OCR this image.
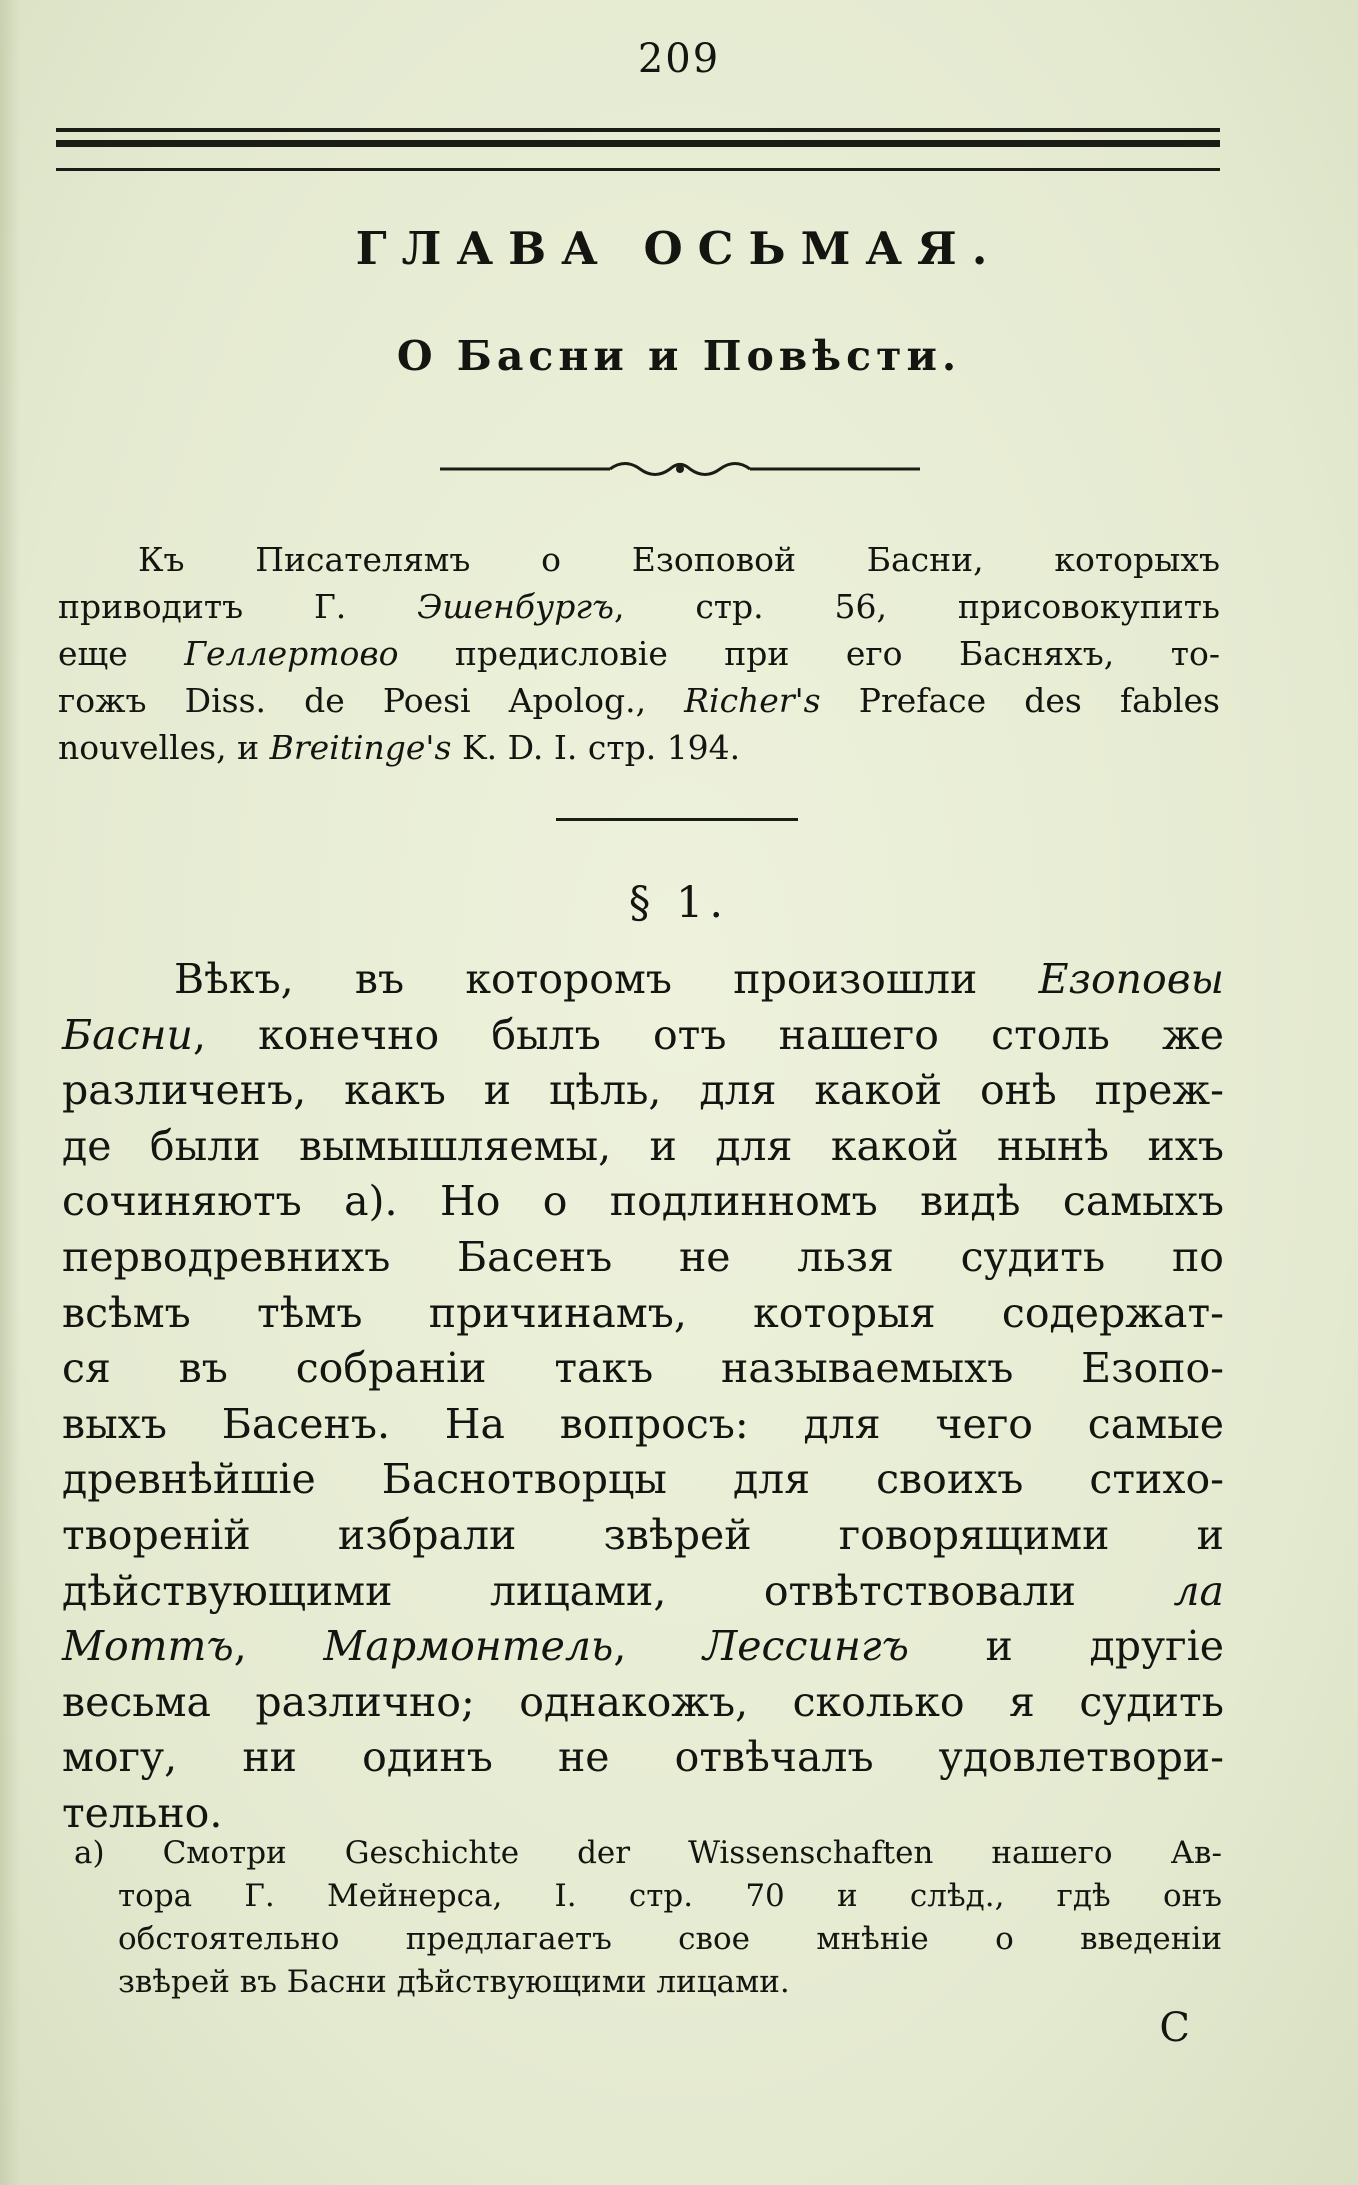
209
ГЛАВА ОСЬМАЯ.
О Басни и Повѣсти.
Къ Писателямъ о Езоповой Басни, которыхъ
приводитъ Г. Эшенбургъ, стр. 56, присовокупить
еще Геллертово предисловіе при его Басняхъ, то-
гожъ Diss. de Poesi Apolog., Richer's Preface des fables
nouvelles, и Breitinge's K. D. I. стр. 194.
§ 1.
Вѣкъ, въ которомъ произошли Езоповы
Басни, конечно былъ отъ нашего столь же
различенъ, какъ и цѣль, для какой онѣ преж-
де были вымышляемы, и для какой нынѣ ихъ
сочиняютъ a). Но о подлинномъ видѣ самыхъ
перводревнихъ Басенъ не льзя судить по
всѣмъ тѣмъ причинамъ, которыя содержат-
ся въ собраніи такъ называемыхъ Езопо-
выхъ Басенъ. На вопросъ: для чего самые
древнѣйшіе Баснотворцы для своихъ стихо-
твореній избрали звѣрей говорящими и
дѣйствующими лицами, отвѣтствовали ла
Моттъ, Мармонтель, Лессингъ и другіе
весьма различно; однакожъ, сколько я судить
могу, ни одинъ не отвѣчалъ удовлетвори-
тельно.
a) Смотри Geschichte der Wissenschaften нашего Ав-
тора Г. Мейнерса, I. стр. 70 и слѣд., гдѣ онъ
обстоятельно предлагаетъ свое мнѣніе о введеніи
звѣрей въ Басни дѣйствующими лицами.
С
